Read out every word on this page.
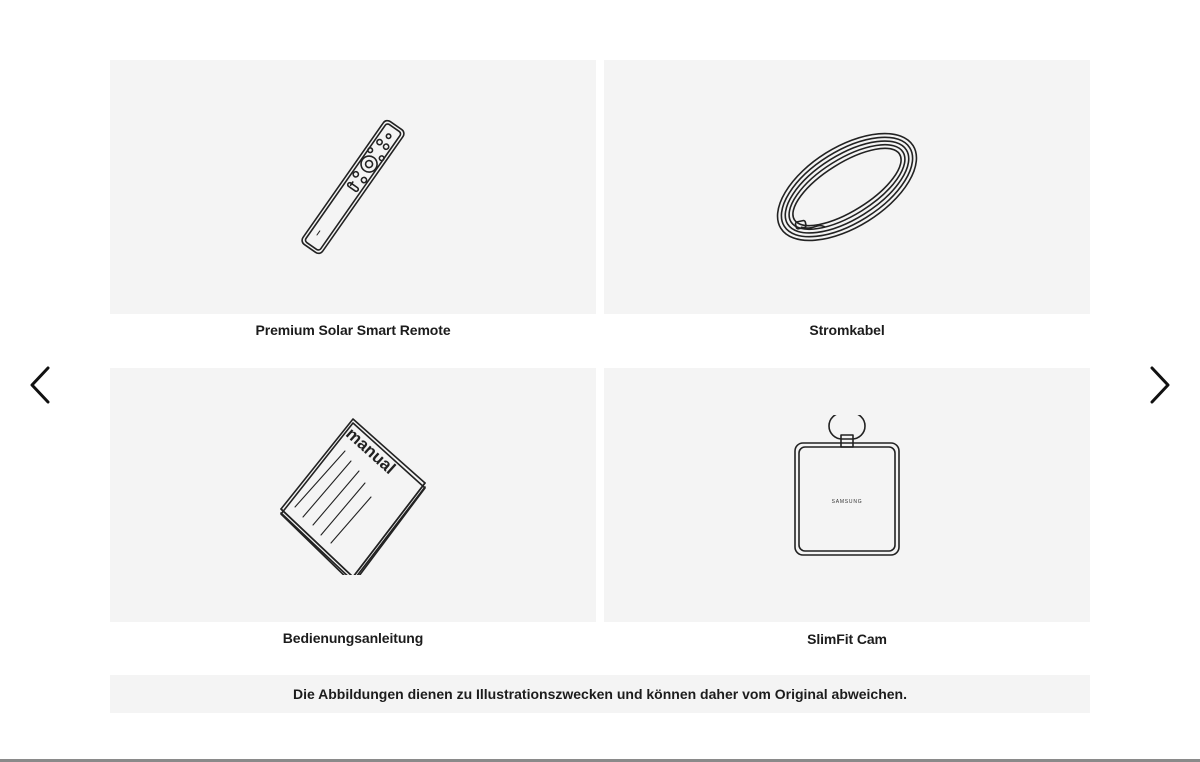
Premium Solar Smart Remote	Stromkabel
manual
Bedienungsanleitung
SAMSUNG
SlimFit Cam
Die Abbildungen dienen zu Illustrationszwecken und können daher vom Original abweichen.
